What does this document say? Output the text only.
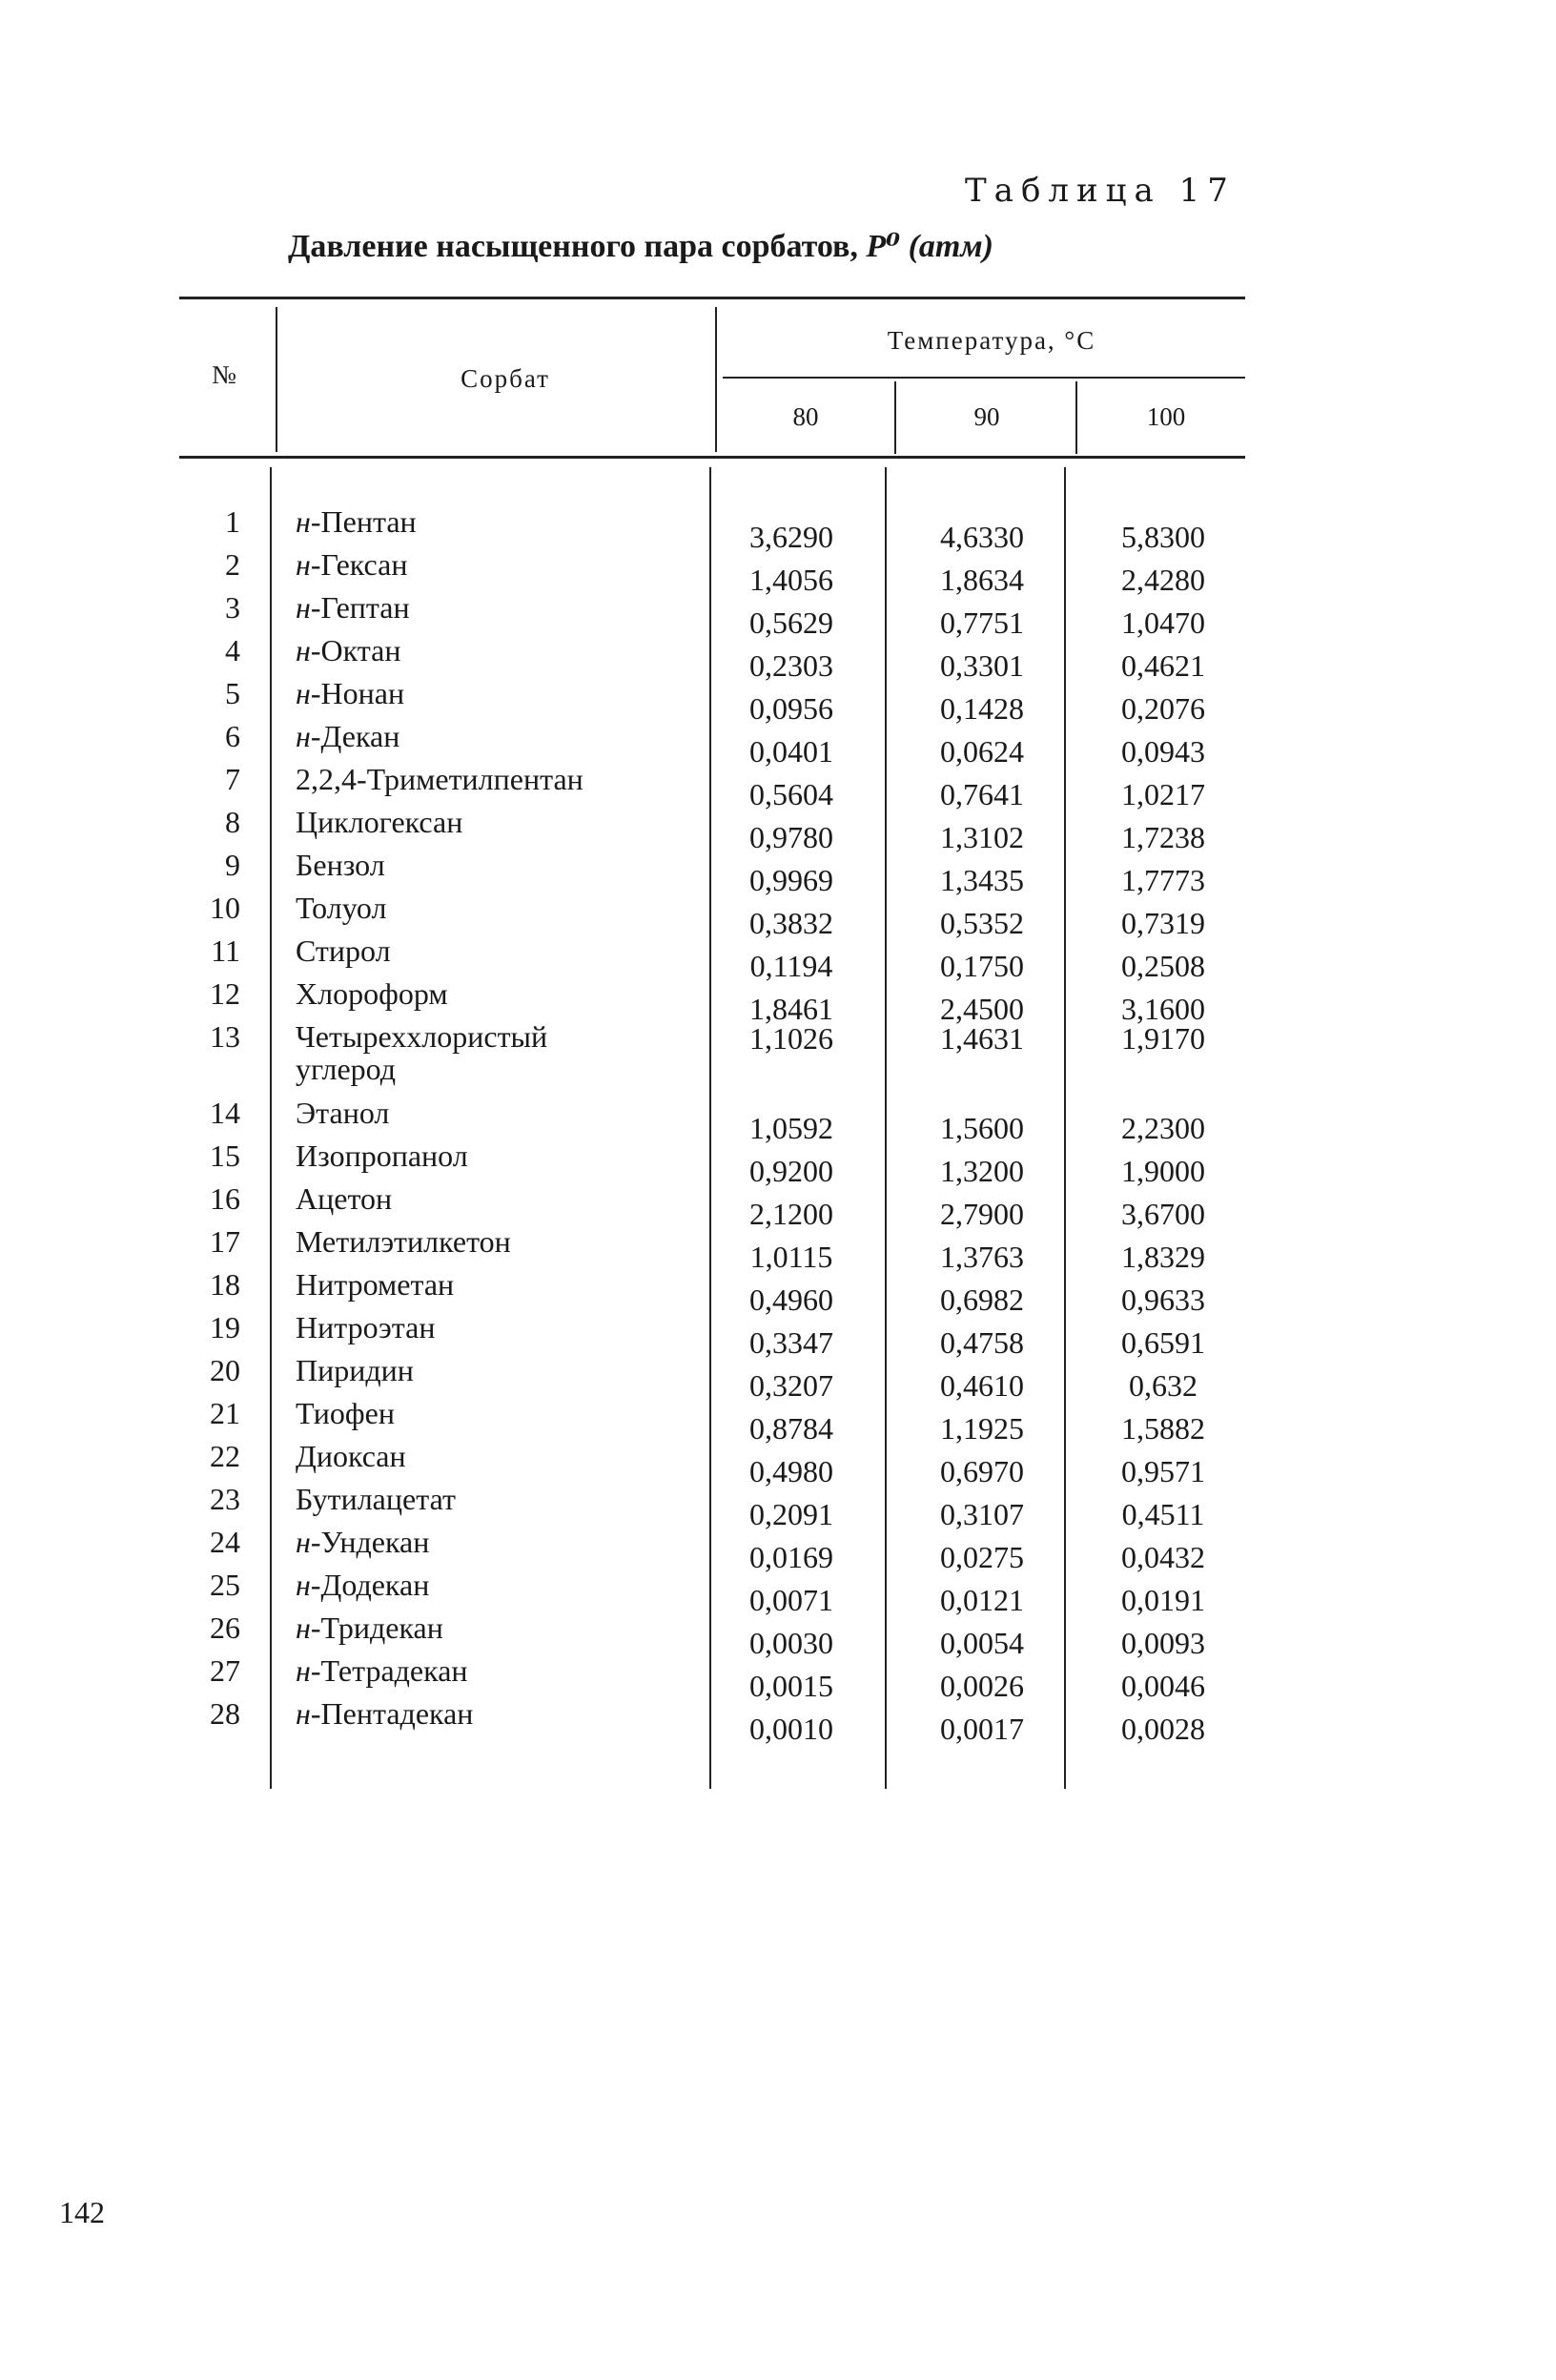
Таблица 17
Давление насыщенного пара сорбатов, P⁰ (атм)
№	Сорбат
Температура, °С
80	90	100
1 н-Пентан	3,6290	4,6330	5,8300
2 н-Гексан	1,4056	1,8634	2,4280
3 н-Гептан	0,5629	0,7751	1,0470
4 н-Октан	0,2303	0,3301	0,4621
5 н-Нонан	0,0956	0,1428	0,2076
6 н-Декан	0,0401	0,0624	0,0943
7 2,2,4-Триметилпентан	0,5604	0,7641	1,0217
8 Циклогексан	0,9780	1,3102	1,7238
9 Бензол	0,9969	1,3435	1,7773
10 Толуол	0,3832	0,5352	0,7319
11 Стирол	0,1194	0,1750	0,2508
12 Хлороформ	1,8461	2,4500	3,1600
13 Четыреххлористый
углерод
1,1026	1,4631	1,9170
14 Этанол	1,0592	1,5600	2,2300
15 Изопропанол	0,9200	1,3200	1,9000
16 Ацетон	2,1200	2,7900	3,6700
17 Метилэтилкетон	1,0115	1,3763	1,8329
18 Нитрометан	0,4960	0,6982	0,9633
19 Нитроэтан	0,3347	0,4758	0,6591
20 Пиридин	0,3207	0,4610	0,632
21 Тиофен	0,8784	1,1925	1,5882
22 Диоксан	0,4980	0,6970	0,9571
23 Бутилацетат	0,2091	0,3107	0,4511
24 н-Ундекан	0,0169	0,0275	0,0432
25 н-Додекан	0,0071	0,0121	0,0191
26 н-Тридекан	0,0030	0,0054	0,0093
27 н-Тетрадекан	0,0015	0,0026	0,0046
28 н-Пентадекан	0,0010	0,0017	0,0028
142
